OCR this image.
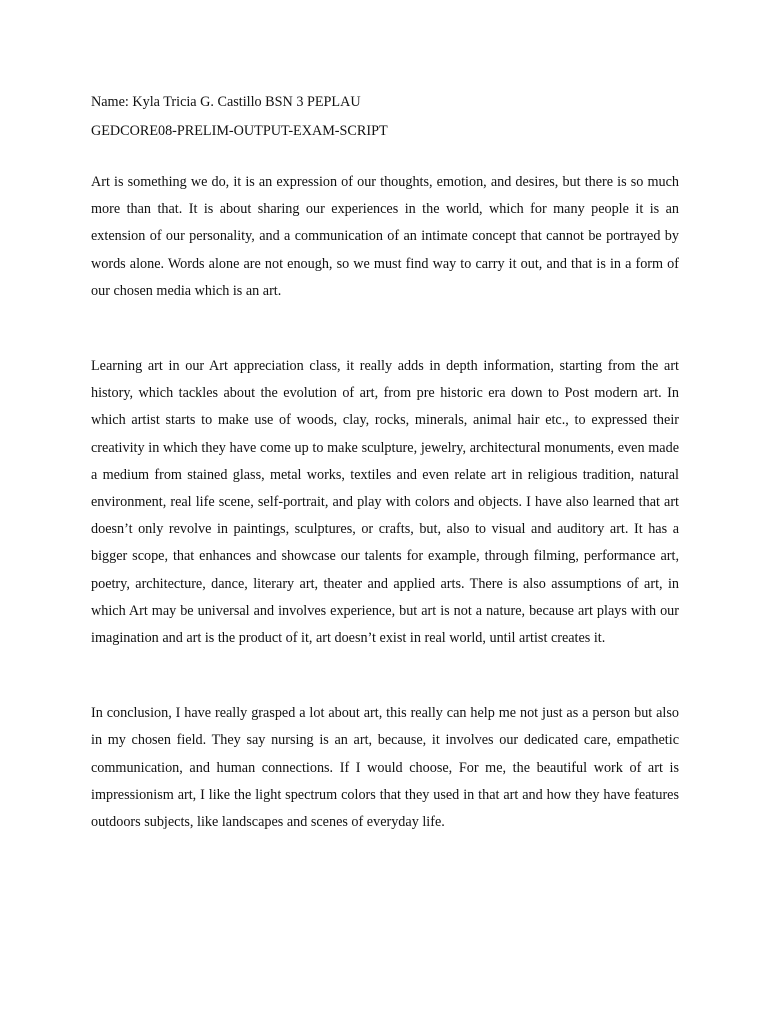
Name: Kyla Tricia G. Castillo BSN 3 PEPLAU

GEDCORE08-PRELIM-OUTPUT-EXAM-SCRIPT

Art is something we do, it is an expression of our thoughts, emotion, and desires, but there is so much more than that. It is about sharing our experiences in the world, which for many people it is an extension of our personality, and a communication of an intimate concept that cannot be portrayed by words alone. Words alone are not enough, so we must find way to carry it out, and that is in a form of our chosen media which is an art.

Learning art in our Art appreciation class, it really adds in depth information, starting from the art history, which tackles about the evolution of art, from pre historic era down to Post modern art. In which artist starts to make use of woods, clay, rocks, minerals, animal hair etc., to expressed their creativity in which they have come up to make sculpture, jewelry, architectural monuments, even made a medium from stained glass, metal works, textiles and even relate art in religious tradition, natural environment, real life scene, self-portrait, and play with colors and objects. I have also learned that art doesn’t only revolve in paintings, sculptures, or crafts, but, also to visual and auditory art. It has a bigger scope, that enhances and showcase our talents for example, through filming, performance art, poetry, architecture, dance, literary art, theater and applied arts. There is also assumptions of art, in which Art may be universal and involves experience, but art is not a nature, because art plays with our imagination and art is the product of it, art doesn’t exist in real world, until artist creates it.

In conclusion, I have really grasped a lot about art, this really can help me not just as a person but also in my chosen field. They say nursing is an art, because, it involves our dedicated care, empathetic communication, and human connections. If I would choose, For me, the beautiful work of art is impressionism art, I like the light spectrum colors that they used in that art and how they have features outdoors subjects, like landscapes and scenes of everyday life.
